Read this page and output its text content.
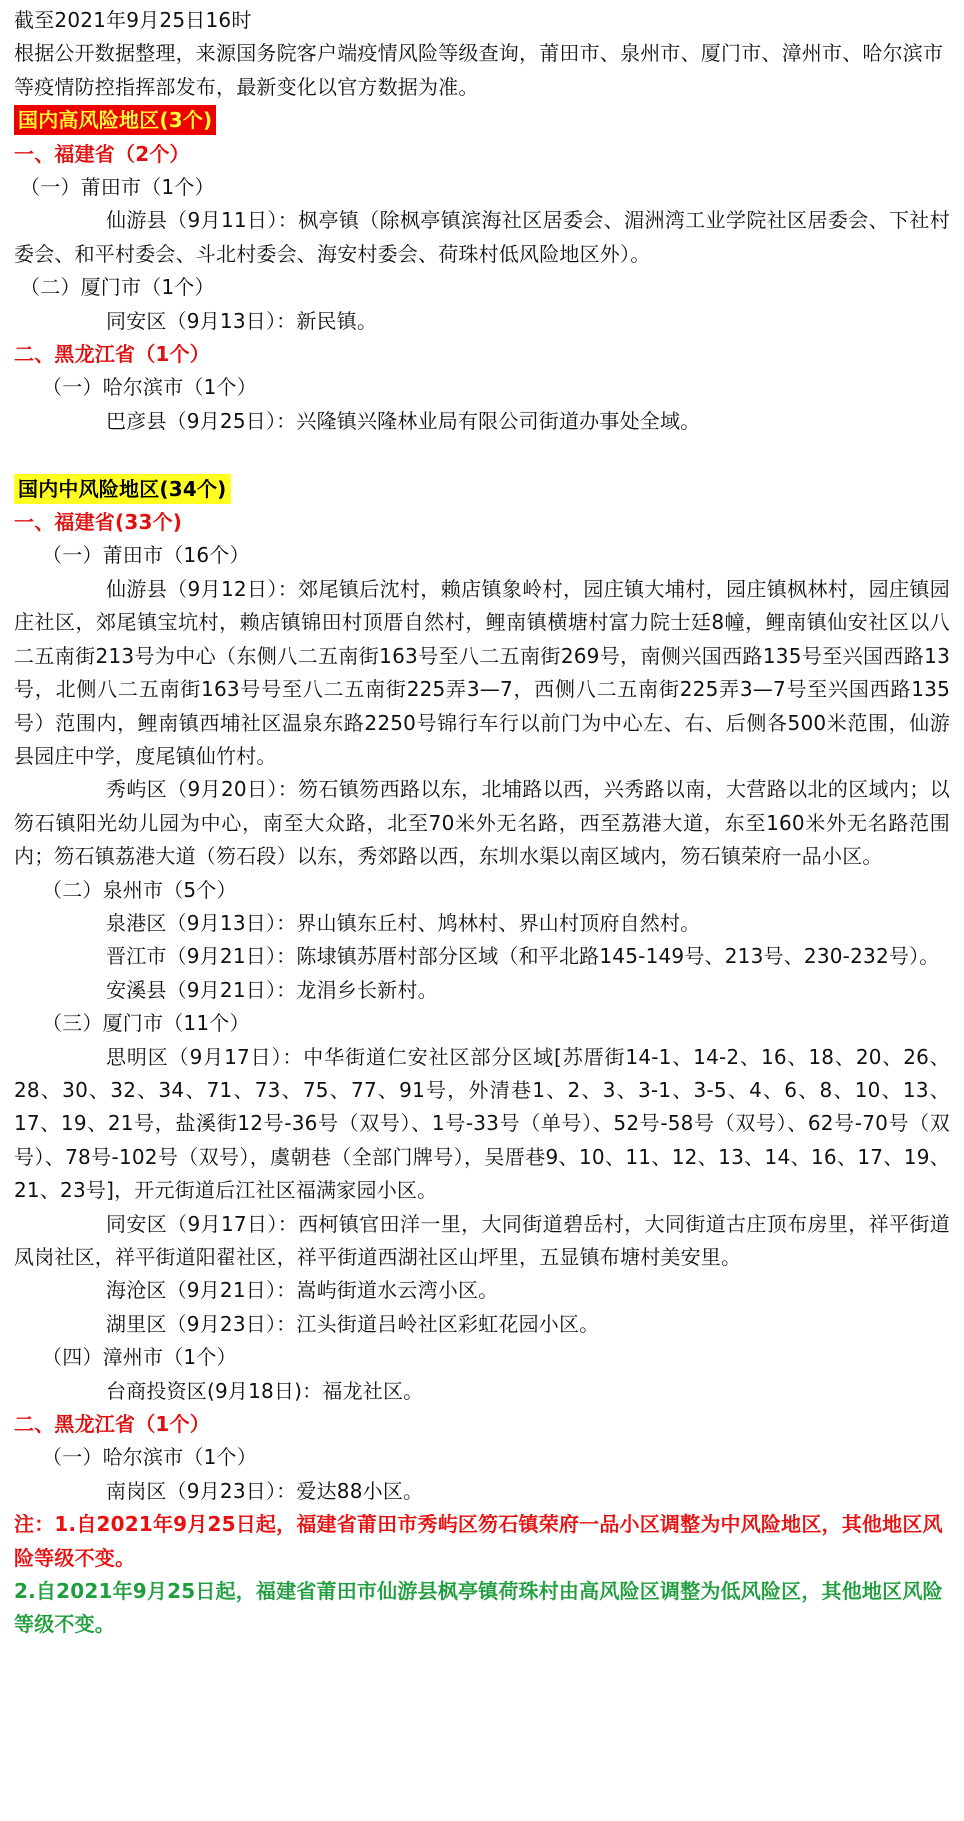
截至2021年9月25日16时
根据公开数据整理，来源国务院客户端疫情风险等级查询，莆田市、泉州市、厦门市、漳州市、哈尔滨市等疫情防控指挥部发布，最新变化以官方数据为准。
国内高风险地区(3个)
一、福建省（2个）
（一）莆田市（1个）
仙游县（9月11日）：枫亭镇（除枫亭镇滨海社区居委会、湄洲湾工业学院社区居委会、下社村委会、和平村委会、斗北村委会、海安村委会、荷珠村低风险地区外）。
（二）厦门市（1个）
同安区（9月13日）：新民镇。
二、黑龙江省（1个）
（一）哈尔滨市（1个）
巴彦县（9月25日）：兴隆镇兴隆林业局有限公司街道办事处全域。
国内中风险地区(34个)
一、福建省(33个)
（一）莆田市（16个）
仙游县（9月12日）：郊尾镇后沈村，赖店镇象岭村，园庄镇大埔村，园庄镇枫林村，园庄镇园庄社区，郊尾镇宝坑村，赖店镇锦田村顶厝自然村，鲤南镇横塘村富力院士廷8幢，鲤南镇仙安社区以八二五南街213号为中心（东侧八二五南街163号至八二五南街269号，南侧兴国西路135号至兴国西路13号，北侧八二五南街163号号至八二五南街225弄3—7，西侧八二五南街225弄3—7号至兴国西路135号）范围内，鲤南镇西埔社区温泉东路2250号锦行车行以前门为中心左、右、后侧各500米范围，仙游县园庄中学，度尾镇仙竹村。
秀屿区（9月20日）：笏石镇笏西路以东，北埔路以西，兴秀路以南，大营路以北的区域内；以笏石镇阳光幼儿园为中心，南至大众路，北至70米外无名路，西至荔港大道，东至160米外无名路范围内；笏石镇荔港大道（笏石段）以东，秀郊路以西，东圳水渠以南区域内，笏石镇荣府一品小区。
（二）泉州市（5个）
泉港区（9月13日）：界山镇东丘村、鸠林村、界山村顶府自然村。
晋江市（9月21日）：陈埭镇苏厝村部分区域（和平北路145-149号、213号、230-232号）。
安溪县（9月21日）：龙涓乡长新村。
（三）厦门市（11个）
思明区（9月17日）：中华街道仁安社区部分区域[苏厝街14-1、14-2、16、18、20、26、28、30、32、34、71、73、75、77、91号，外清巷1、2、3、3-1、3-5、4、6、8、10、13、17、19、21号，盐溪街12号-36号（双号）、1号-33号（单号）、52号-58号（双号）、62号-70号（双号）、78号-102号（双号），虞朝巷（全部门牌号），吴厝巷9、10、11、12、13、14、16、17、19、21、23号]，开元街道后江社区福满家园小区。
同安区（9月17日）：西柯镇官田洋一里，大同街道碧岳村，大同街道古庄顶布房里，祥平街道凤岗社区，祥平街道阳翟社区，祥平街道西湖社区山坪里，五显镇布塘村美安里。
海沧区（9月21日）：嵩屿街道水云湾小区。
湖里区（9月23日）：江头街道吕岭社区彩虹花园小区。
（四）漳州市（1个）
台商投资区(9月18日)：福龙社区。
二、黑龙江省（1个）
（一）哈尔滨市（1个）
南岗区（9月23日）：爱达88小区。
注：1.自2021年9月25日起，福建省莆田市秀屿区笏石镇荣府一品小区调整为中风险地区，其他地区风险等级不变。
2.自2021年9月25日起，福建省莆田市仙游县枫亭镇荷珠村由高风险区调整为低风险区，其他地区风险等级不变。
